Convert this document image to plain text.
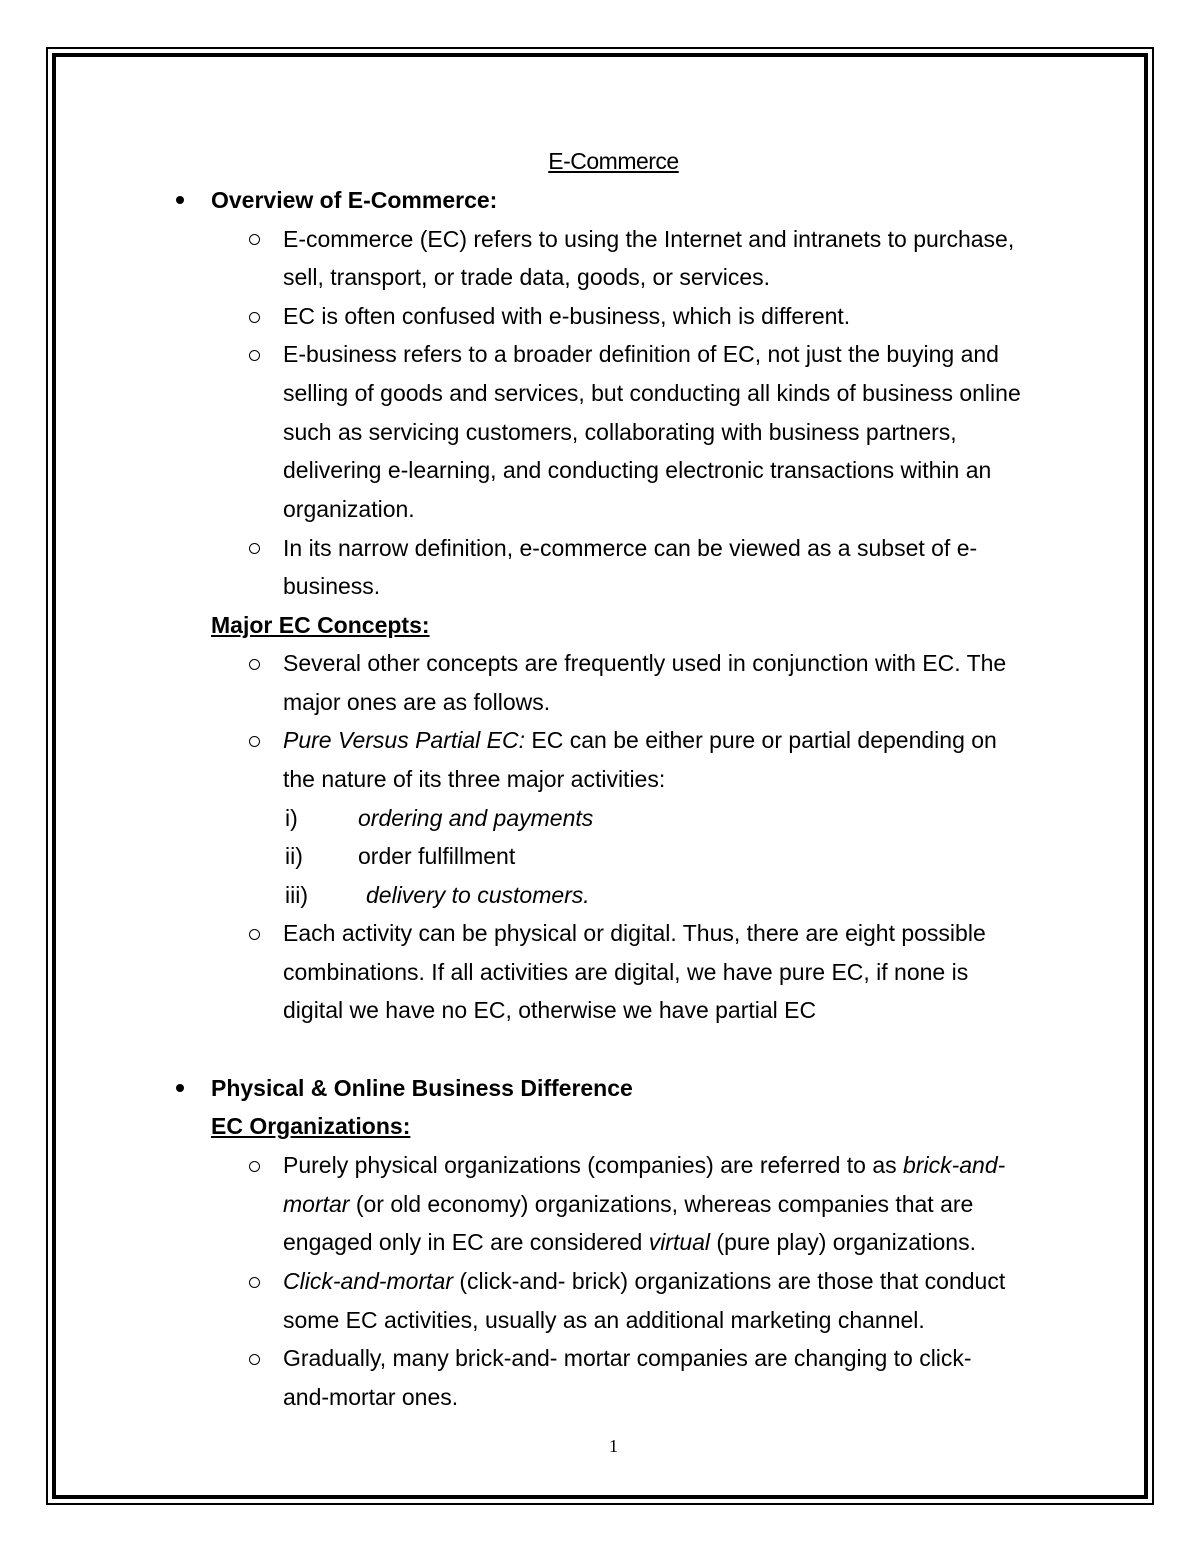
E-Commerce
Overview of E-Commerce:
E-commerce (EC) refers to using the Internet and intranets to purchase,
sell, transport, or trade data, goods, or services.
EC is often confused with e-business, which is different.
E-business refers to a broader definition of EC, not just the buying and
selling of goods and services, but conducting all kinds of business online
such as servicing customers, collaborating with business partners,
delivering e-learning, and conducting electronic transactions within an
organization.
In its narrow definition, e-commerce can be viewed as a subset of e-
business.
Major EC Concepts:
Several other concepts are frequently used in conjunction with EC. The
major ones are as follows.
Pure Versus Partial EC: EC can be either pure or partial depending on
the nature of its three major activities:
i)	ordering and payments
ii) order fulfillment
iii)	delivery to customers.
Each activity can be physical or digital. Thus, there are eight possible
combinations. If all activities are digital, we have pure EC, if none is
digital we have no EC, otherwise we have partial EC
Physical & Online Business Difference
EC Organizations:
Purely physical organizations (companies) are referred to as brick-and-
mortar (or old economy) organizations, whereas companies that are
engaged only in EC are considered virtual (pure play) organizations.
Click-and-mortar (click-and- brick) organizations are those that conduct
some EC activities, usually as an additional marketing channel.
Gradually, many brick-and- mortar companies are changing to click-
and-mortar ones.
1
